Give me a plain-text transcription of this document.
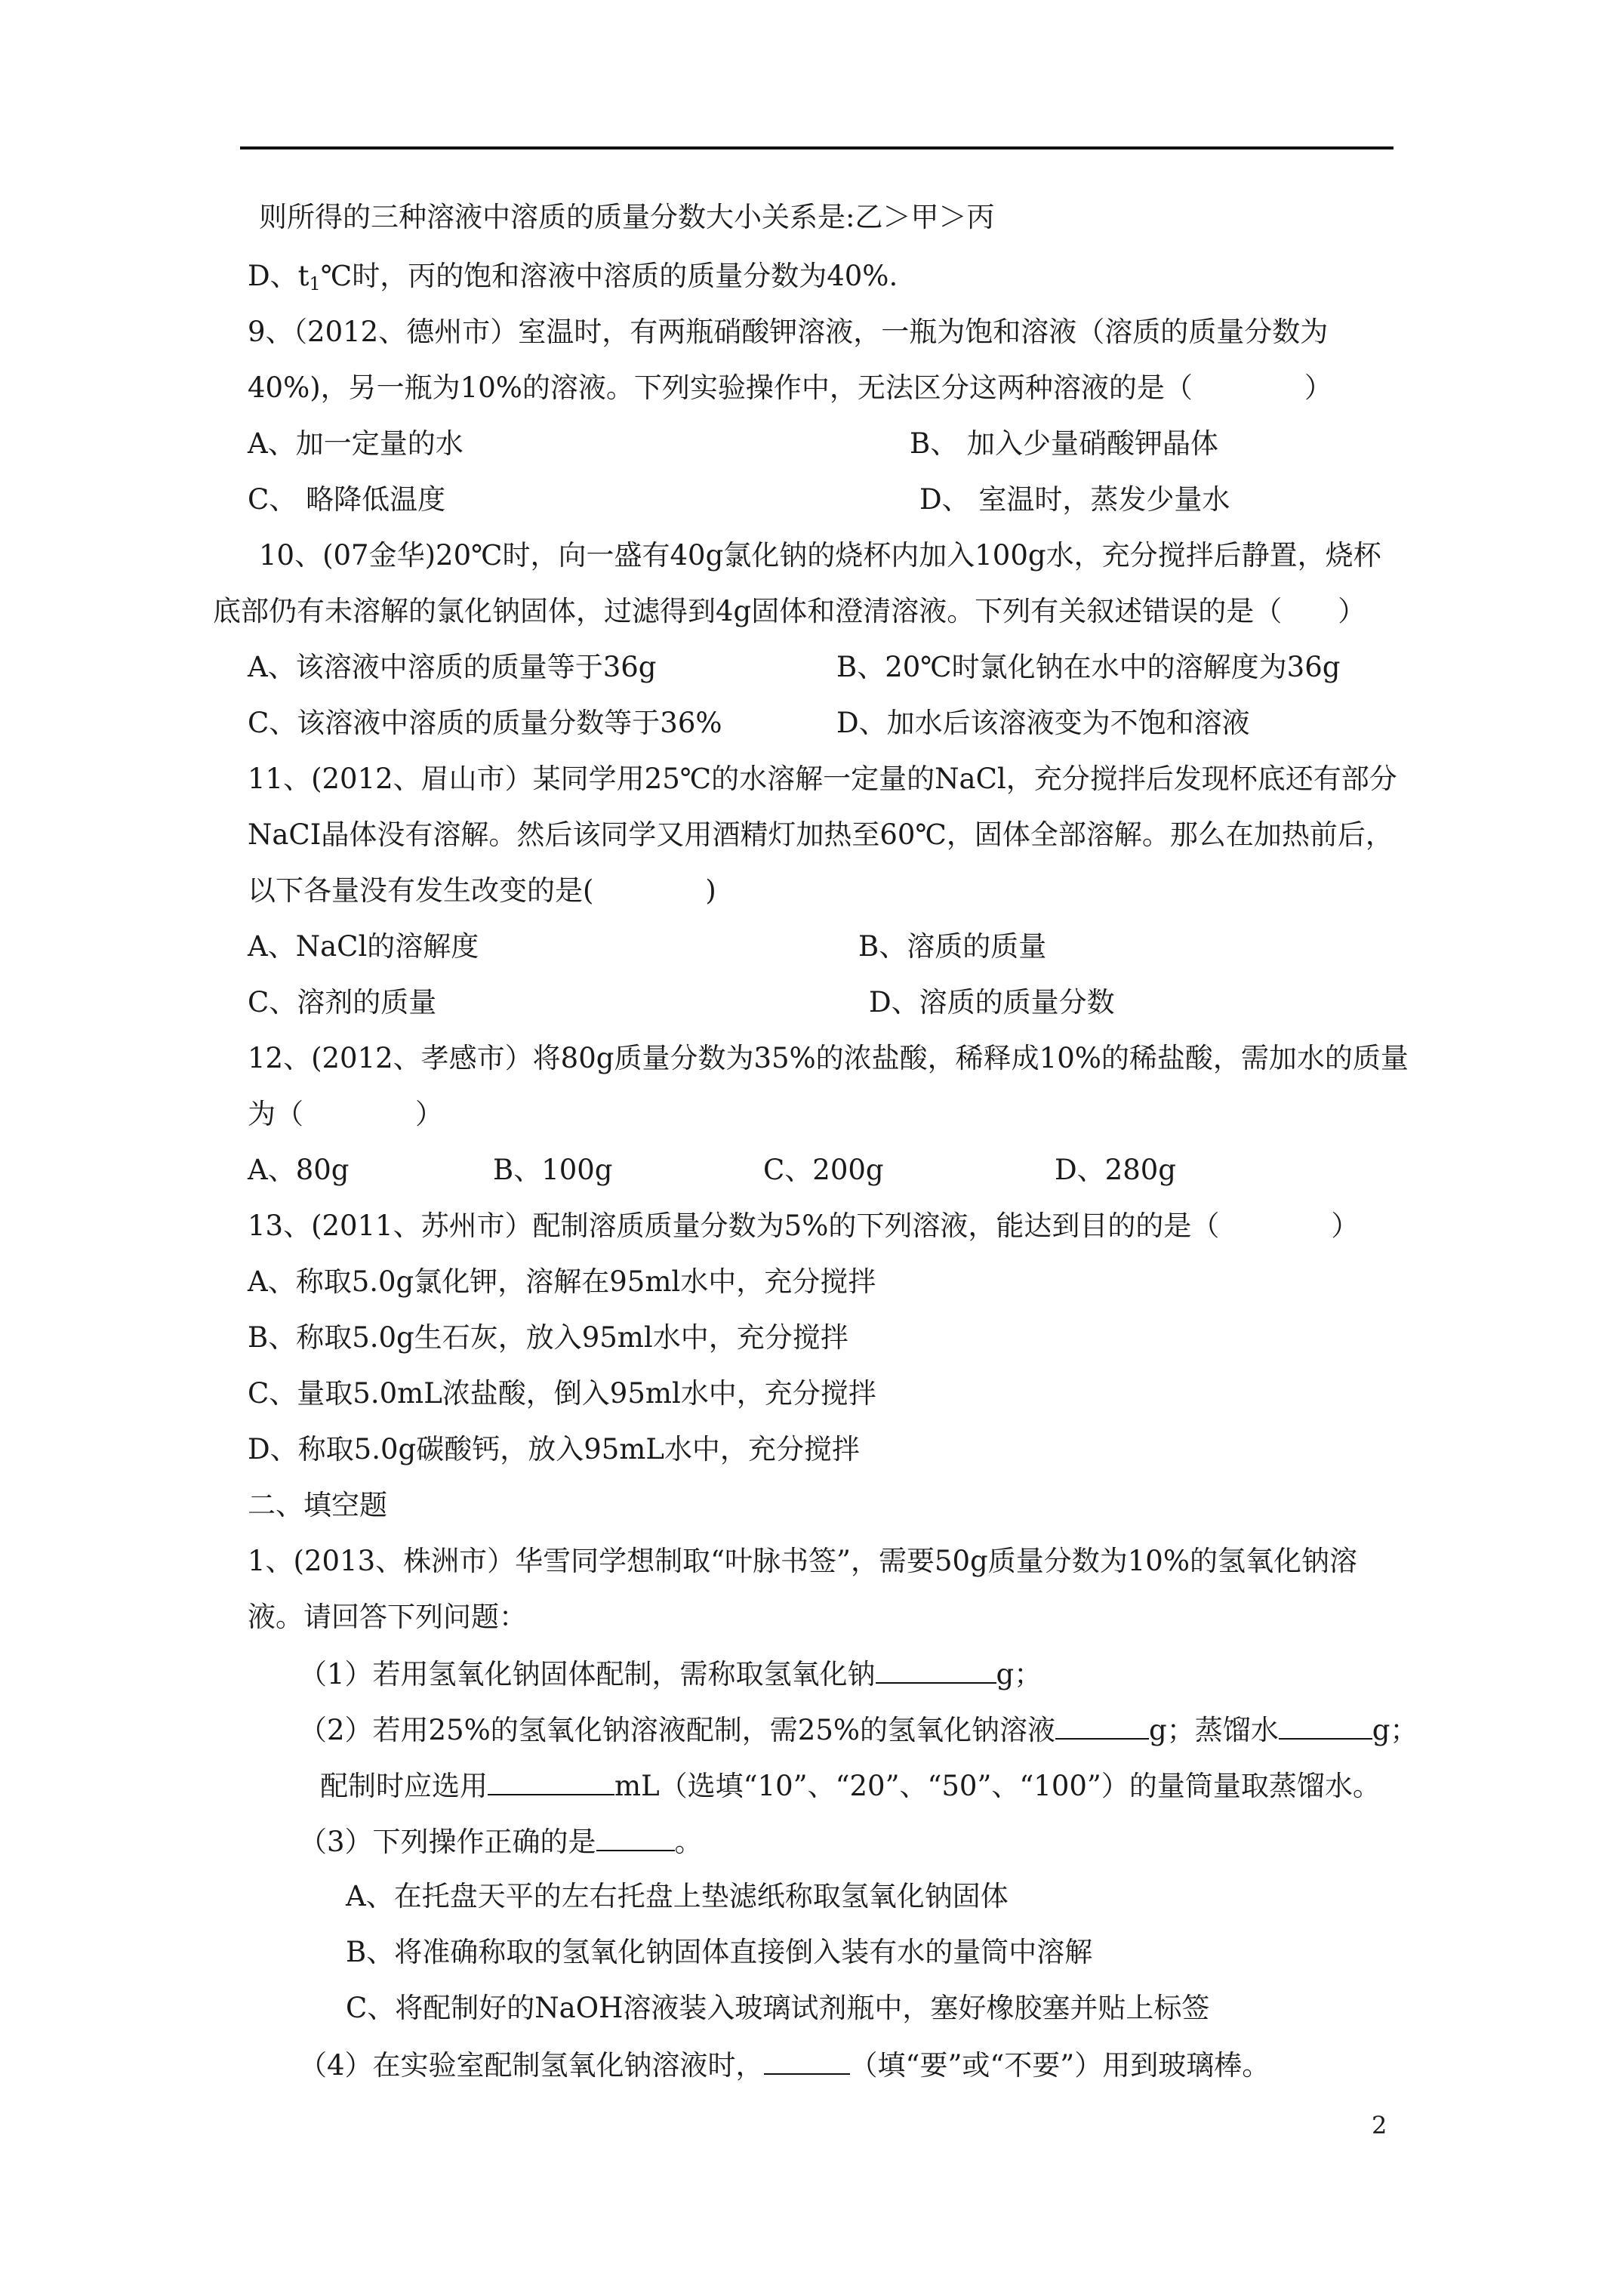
则所得的三种溶液中溶质的质量分数大小关系是:乙＞甲＞丙
D、$t_1℃$时，丙的饱和溶液中溶质的质量分数为40%.
9、（2012、德州市）室温时，有两瓶硝酸钾溶液，一瓶为饱和溶液（溶质的质量分数为
40%)，另一瓶为10%的溶液。下列实验操作中，无法区分这两种溶液的是（　　　　）
A、加一定量的水	B、 加入少量硝酸钾晶体
C、 略降低温度	D、 室温时，蒸发少量水
10、(07金华)20℃时，向一盛有40g氯化钠的烧杯内加入100g水，充分搅拌后静置，烧杯
底部仍有未溶解的氯化钠固体，过滤得到4g固体和澄清溶液。下列有关叙述错误的是（　　）
A、该溶液中溶质的质量等于36g	B、20℃时氯化钠在水中的溶解度为36g
C、该溶液中溶质的质量分数等于36%	D、加水后该溶液变为不饱和溶液
11、(2012、眉山市）某同学用25℃的水溶解一定量的NaCl，充分搅拌后发现杯底还有部分
NaCI晶体没有溶解。然后该同学又用酒精灯加热至60℃，固体全部溶解。那么在加热前后，
以下各量没有发生改变的是(　　　　)
A、NaCl的溶解度	B、溶质的质量
C、溶剂的质量	D、溶质的质量分数
12、(2012、孝感市）将80g质量分数为35%的浓盐酸，稀释成10%的稀盐酸，需加水的质量
为（　　　　）
A、80g	B、100g	C、200g	D、280g
13、(2011、苏州市）配制溶质质量分数为5%的下列溶液，能达到目的的是（　　　　）
A、称取5.0g氯化钾，溶解在95ml水中，充分搅拌
B、称取5.0g生石灰，放入95ml水中，充分搅拌
C、量取5.0mL浓盐酸，倒入95ml水中，充分搅拌
D、称取5.0g碳酸钙，放入95mL水中，充分搅拌
二、填空题
1、(2013、株洲市）华雪同学想制取“叶脉书签”，需要50g质量分数为10%的氢氧化钠溶
液。请回答下列问题：
（1）若用氢氧化钠固体配制，需称取氢氧化钠	g；
（2）若用25%的氢氧化钠溶液配制，需25%的氢氧化钠溶液	g；蒸馏水	g；
配制时应选用	mL（选填“10”、“20”、“50”、“100”）的量筒量取蒸馏水。
（3）下列操作正确的是	。
A、在托盘天平的左右托盘上垫滤纸称取氢氧化钠固体
B、将准确称取的氢氧化钠固体直接倒入装有水的量筒中溶解
C、将配制好的NaOH溶液装入玻璃试剂瓶中，塞好橡胶塞并贴上标签
（4）在实验室配制氢氧化钠溶液时，	（填“要”或“不要”）用到玻璃棒。
2
